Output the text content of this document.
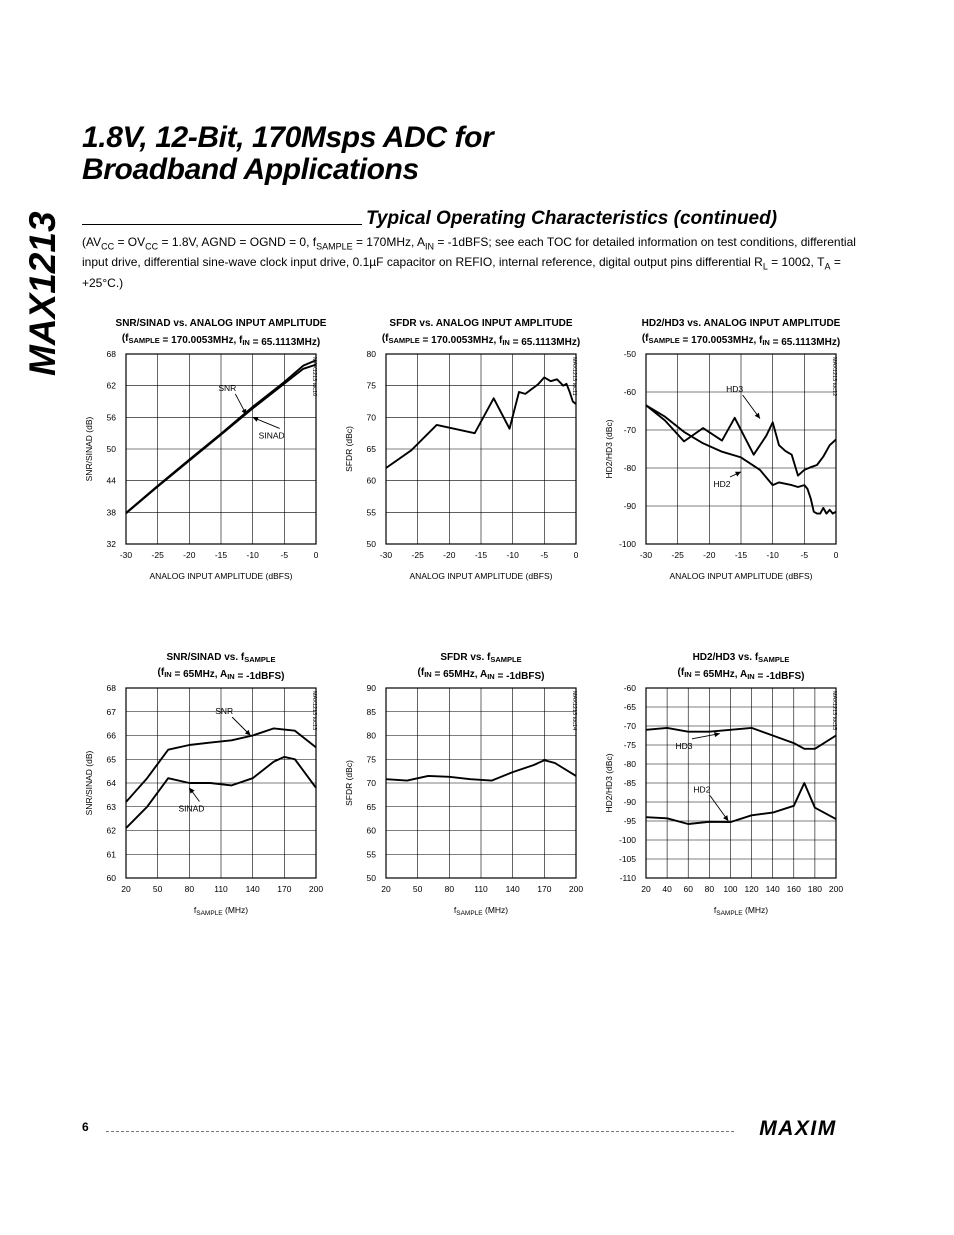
MAX1213
1.8V, 12-Bit, 170Msps ADC for
Broadband Applications
Typical Operating Characteristics (continued)
($AV_{CC} = OV_{CC} = 1.8V$, AGND = OGND = 0, $f_{SAMPLE} = 170MHz$, $A_{IN}$ = -1dBFS; see each TOC for detailed information on test conditions, differential input drive, differential sine-wave clock input drive, 0.1µF capacitor on REFIO, internal reference, digital output pins differential $R_L = 100\Omega$, $T_A = +25^\circ C$.)
SNR/SINAD vs. ANALOG INPUT AMPLITUDE
($f_{SAMPLE} = 170.0053MHz$, $f_{IN} = 65.1113MHz$)
-30 -25 -20 -15 -10	-5	0
32
38
44
50
56
62
68
ANALOG INPUT AMPLITUDE (dBFS)
SNR/SINAD (dB)
MAX1213 toc10
SNR
SINAD
SFDR vs. ANALOG INPUT AMPLITUDE
($f_{SAMPLE} = 170.0053MHz$, $f_{IN} = 65.1113MHz$)
-30 -25 -20 -15 -10	-5	0
50
55
60
65
70
75
80
ANALOG INPUT AMPLITUDE (dBFS)
SFDR (dBc)
MAX1213 toc11
HD2/HD3 vs. ANALOG INPUT AMPLITUDE
($f_{SAMPLE} = 170.0053MHz$, $f_{IN} = 65.1113MHz$)
-30 -25 -20 -15 -10	-5	0
-100
-90
-80
-70
-60
-50
ANALOG INPUT AMPLITUDE (dBFS)
HD2/HD3 (dBc)
MAX1213 toc12
HD3
HD2
SNR/SINAD vs. $f_{SAMPLE}$
($f_{IN} = 65MHz$, $A_{IN}$ = -1dBFS)
20	50	80 110 140 170 200
60
61
62
63
64
65
66
67
68
$f_{SAMPLE}$ (MHz)
SNR/SINAD (dB)
MAX1213 toc13
SNR
SINAD
SFDR vs. $f_{SAMPLE}$
($f_{IN} = 65MHz$, $A_{IN}$ = -1dBFS)
20	50	80 110 140 170 200
50
55
60
65
70
75
80
85
90
$f_{SAMPLE}$ (MHz)
SFDR (dBc)
MAX1213 toc14
HD2/HD3 vs. $f_{SAMPLE}$
($f_{IN} = 65MHz$, $A_{IN}$ = -1dBFS)
20 40 60 80 100 120 140 160 180 200
-110
-105
-100
-95
-90
-85
-80
-75
-70
-65
-60
$f_{SAMPLE}$ (MHz)
HD2/HD3 (dBc)
MAX1213 toc15
HD3
HD2
6	MAXIM
